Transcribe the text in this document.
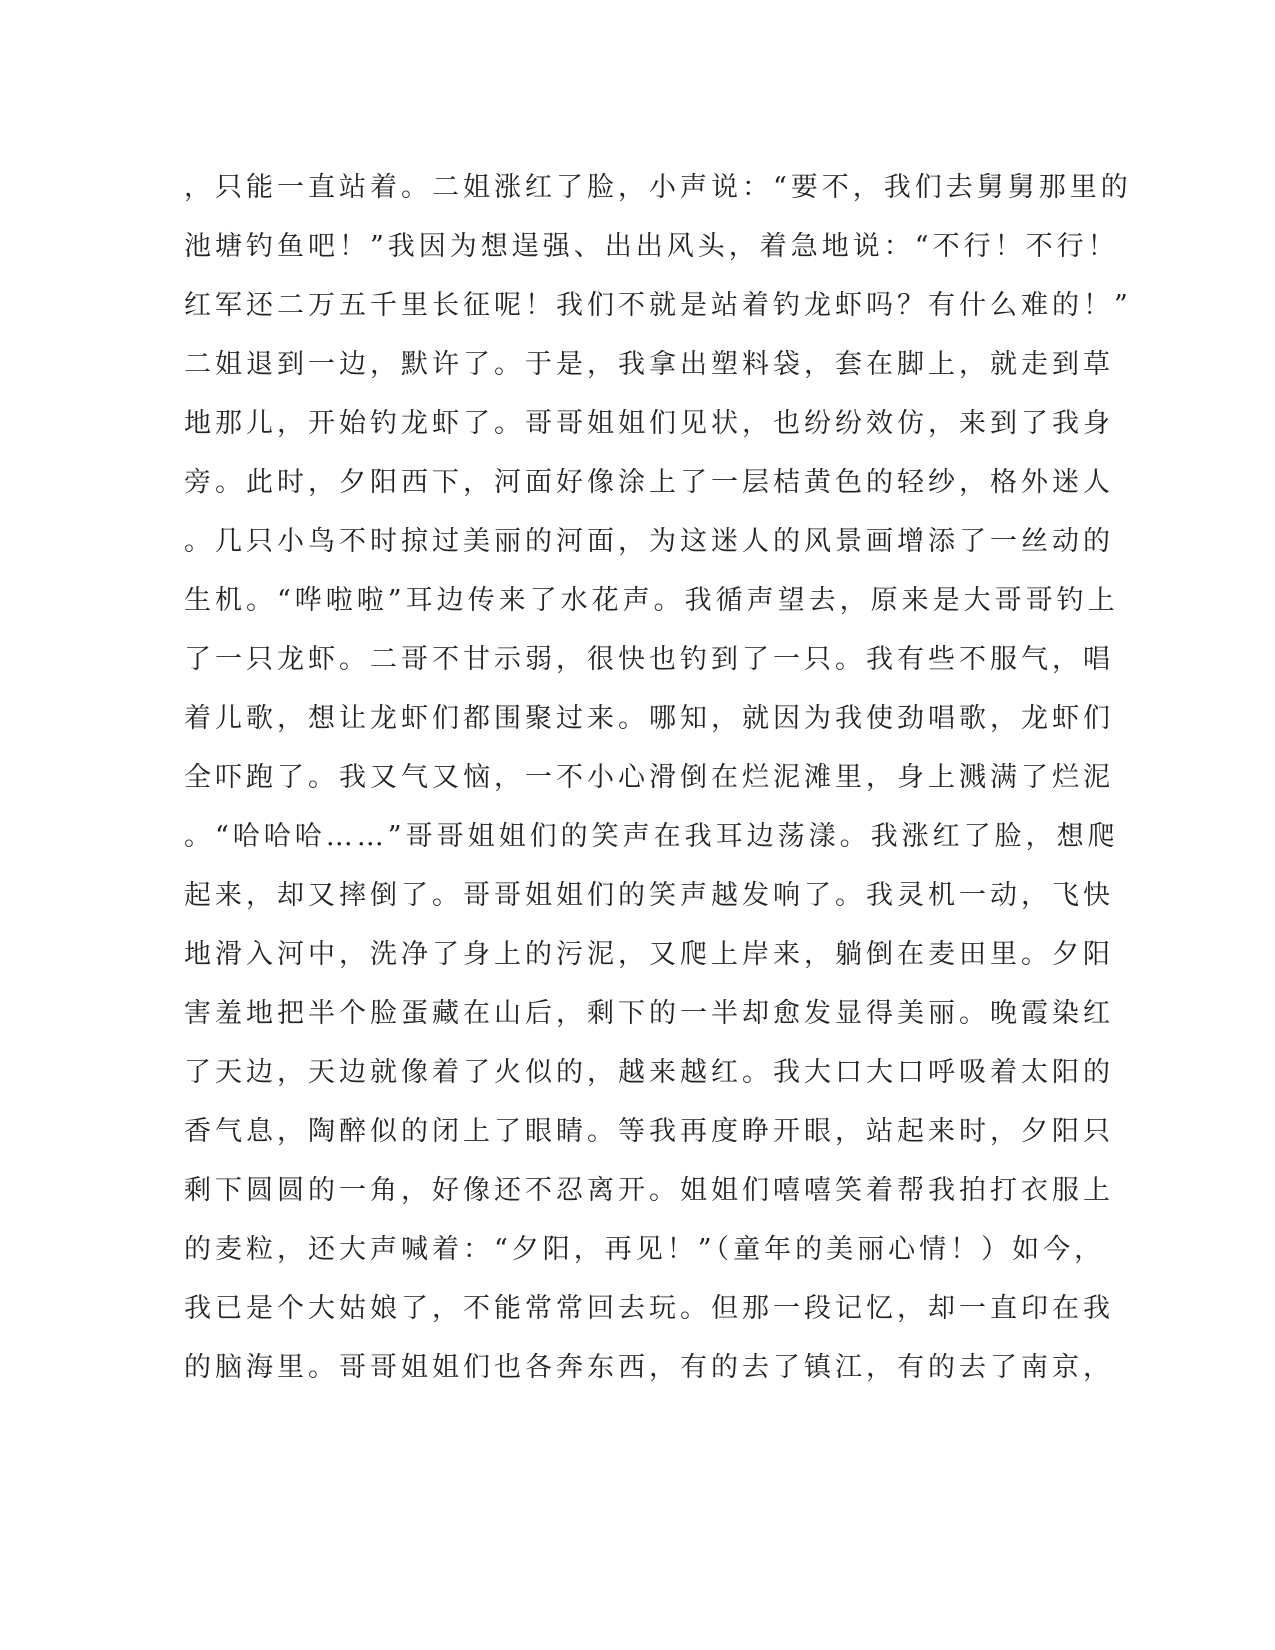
，只能一直站着。二姐涨红了脸，小声说：“要不，我们去舅舅那里的
池塘钓鱼吧！”我因为想逞强、出出风头，着急地说：“不行！不行！
红军还二万五千里长征呢！我们不就是站着钓龙虾吗？有什么难的！”
二姐退到一边，默许了。于是，我拿出塑料袋，套在脚上，就走到草
地那儿，开始钓龙虾了。哥哥姐姐们见状，也纷纷效仿，来到了我身
旁。此时，夕阳西下，河面好像涂上了一层桔黄色的轻纱，格外迷人
。几只小鸟不时掠过美丽的河面，为这迷人的风景画增添了一丝动的
生机。“哗啦啦”耳边传来了水花声。我循声望去，原来是大哥哥钓上
了一只龙虾。二哥不甘示弱，很快也钓到了一只。我有些不服气，唱
着儿歌，想让龙虾们都围聚过来。哪知，就因为我使劲唱歌，龙虾们
全吓跑了。我又气又恼，一不小心滑倒在烂泥滩里，身上溅满了烂泥
。“哈哈哈……”哥哥姐姐们的笑声在我耳边荡漾。我涨红了脸，想爬
起来，却又摔倒了。哥哥姐姐们的笑声越发响了。我灵机一动，飞快
地滑入河中，洗净了身上的污泥，又爬上岸来，躺倒在麦田里。夕阳
害羞地把半个脸蛋藏在山后，剩下的一半却愈发显得美丽。晚霞染红
了天边，天边就像着了火似的，越来越红。我大口大口呼吸着太阳的
香气息，陶醉似的闭上了眼睛。等我再度睁开眼，站起来时，夕阳只
剩下圆圆的一角，好像还不忍离开。姐姐们嘻嘻笑着帮我拍打衣服上
的麦粒，还大声喊着：“夕阳，再见！”（童年的美丽心情！）如今，
我已是个大姑娘了，不能常常回去玩。但那一段记忆，却一直印在我
的脑海里。哥哥姐姐们也各奔东西，有的去了镇江，有的去了南京，
